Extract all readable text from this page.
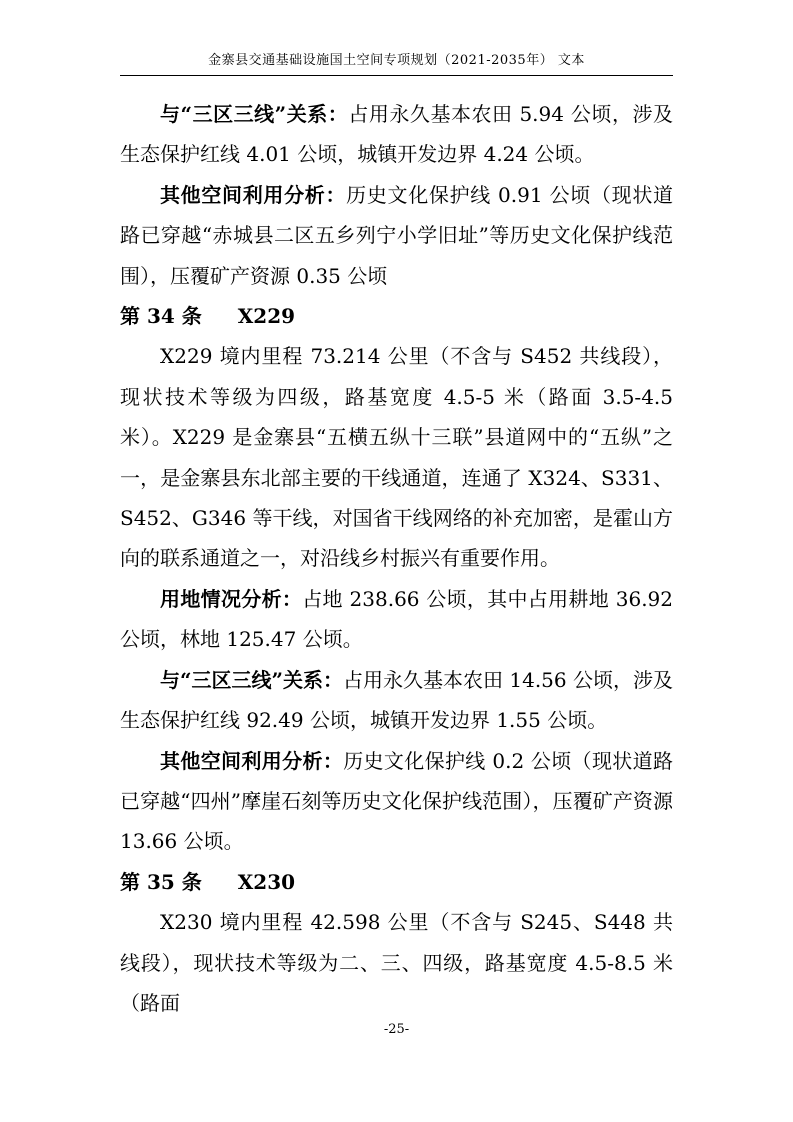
金寨县交通基础设施国土空间专项规划（2021-2035年） 文本

与“三区三线”关系：占用永久基本农田 5.94 公顷，涉及生态保护红线 4.01 公顷，城镇开发边界 4.24 公顷。

其他空间利用分析：历史文化保护线 0.91 公顷（现状道路已穿越“赤城县二区五乡列宁小学旧址”等历史文化保护线范围），压覆矿产资源 0.35 公顷

第 34 条 X229

X229 境内里程 73.214 公里（不含与 S452 共线段），现状技术等级为四级，路基宽度 4.5-5 米（路面 3.5-4.5 米）。X229 是金寨县“五横五纵十三联”县道网中的“五纵”之一，是金寨县东北部主要的干线通道，连通了 X324、S331、S452、G346 等干线，对国省干线网络的补充加密，是霍山方向的联系通道之一，对沿线乡村振兴有重要作用。

用地情况分析：占地 238.66 公顷，其中占用耕地 36.92 公顷，林地 125.47 公顷。

与“三区三线”关系：占用永久基本农田 14.56 公顷，涉及生态保护红线 92.49 公顷，城镇开发边界 1.55 公顷。

其他空间利用分析：历史文化保护线 0.2 公顷（现状道路已穿越“四州”摩崖石刻等历史文化保护线范围），压覆矿产资源 13.66 公顷。

第 35 条 X230

X230 境内里程 42.598 公里（不含与 S245、S448 共线段），现状技术等级为二、三、四级，路基宽度 4.5-8.5 米（路面

-25-
